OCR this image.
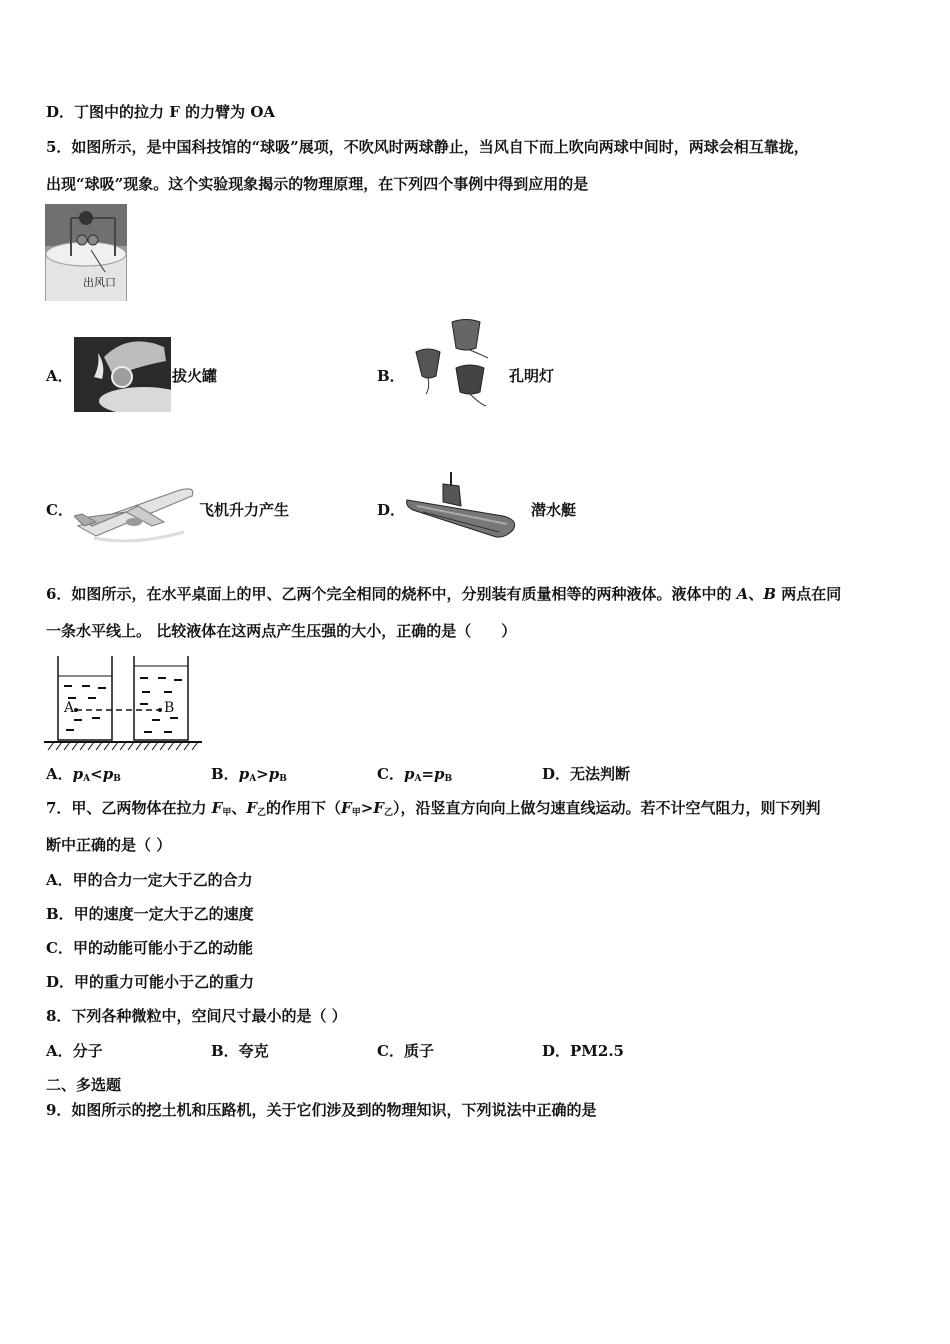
D．丁图中的拉力 F 的力臂为 OA
5．如图所示，是中国科技馆的“球吸”展项，不吹风时两球静止，当风自下而上吹向两球中间时，两球会相互靠拢，
出现“球吸”现象。这个实验现象揭示的物理原理，在下列四个事例中得到应用的是
出风口
A．	拔火罐	B．	孔明灯
C．	飞机升力产生	D．	潜水艇
6．如图所示，在水平桌面上的甲、乙两个完全相同的烧杯中，分别装有质量相等的两种液体。液体中的 A、B 两点在同
一条水平线上。 比较液体在这两点产生压强的大小，正确的是（　　）
A	B
A．$p_A<p_B$	B．$p_A>p_B$	C．$p_A=p_B$	D．无法判断
7．甲、乙两物体在拉力 $F_甲$、$F_乙$的作用下$(F_甲>F_乙)$，沿竖直方向向上做匀速直线运动。若不计空气阻力，则下列判
断中正确的是（ ）
A．甲的合力一定大于乙的合力
B．甲的速度一定大于乙的速度
C．甲的动能可能小于乙的动能
D．甲的重力可能小于乙的重力
8．下列各种微粒中，空间尺寸最小的是（ ）
A．分子	B．夸克	C．质子	D．PM2.5
二、多选题
9．如图所示的挖土机和压路机，关于它们涉及到的物理知识，下列说法中正确的是
